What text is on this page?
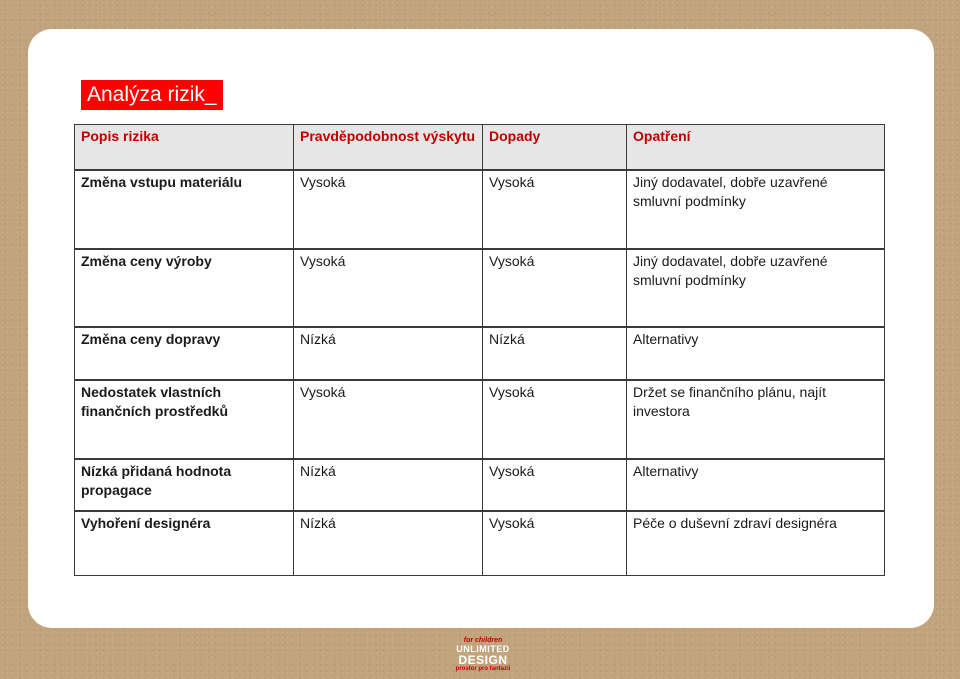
Analýza rizik_
Popis rizika	Pravděpodobnost výskytu	Dopady	Opatření
Změna vstupu materiálu	Vysoká	Vysoká	Jiný dodavatel, dobře uzavřené smluvní podmínky
Změna ceny výroby	Vysoká	Vysoká	Jiný dodavatel, dobře uzavřené smluvní podmínky
Změna ceny dopravy	Nízká	Nízká	Alternativy
Nedostatek vlastních finančních prostředků	Vysoká	Vysoká	Držet se finančního plánu, najít investora
Nízká přidaná hodnota propagace	Nízká	Vysoká	Alternativy
Vyhoření designéra	Nízká	Vysoká	Péče o duševní zdraví designéra
for children
UNLIMITED
DESIGN
prostor pro fantazii
